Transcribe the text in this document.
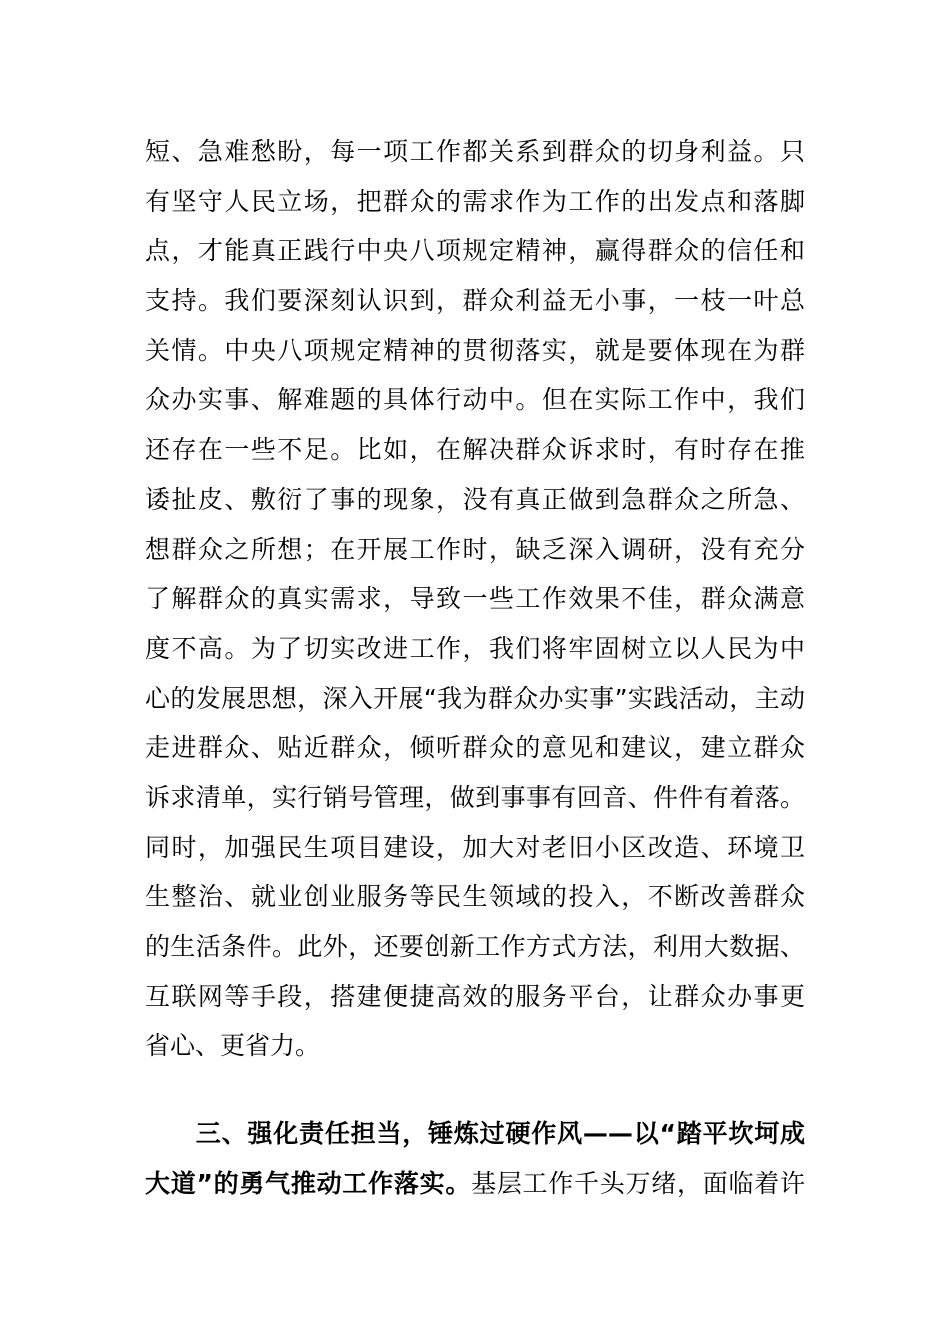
短、急难愁盼，每一项工作都关系到群众的切身利益。只
有坚守人民立场，把群众的需求作为工作的出发点和落脚
点，才能真正践行中央八项规定精神，赢得群众的信任和
支持。我们要深刻认识到，群众利益无小事，一枝一叶总
关情。中央八项规定精神的贯彻落实，就是要体现在为群
众办实事、解难题的具体行动中。但在实际工作中，我们
还存在一些不足。比如，在解决群众诉求时，有时存在推
诿扯皮、敷衍了事的现象，没有真正做到急群众之所急、
想群众之所想；在开展工作时，缺乏深入调研，没有充分
了解群众的真实需求，导致一些工作效果不佳，群众满意
度不高。为了切实改进工作，我们将牢固树立以人民为中
心的发展思想，深入开展“我为群众办实事”实践活动，主动
走进群众、贴近群众，倾听群众的意见和建议，建立群众
诉求清单，实行销号管理，做到事事有回音、件件有着落。
同时，加强民生项目建设，加大对老旧小区改造、环境卫
生整治、就业创业服务等民生领域的投入，不断改善群众
的生活条件。此外，还要创新工作方式方法，利用大数据、
互联网等手段，搭建便捷高效的服务平台，让群众办事更
省心、更省力。
三、强化责任担当，锤炼过硬作风——以“踏平坎坷成
大道”的勇气推动工作落实。基层工作千头万绪，面临着许
